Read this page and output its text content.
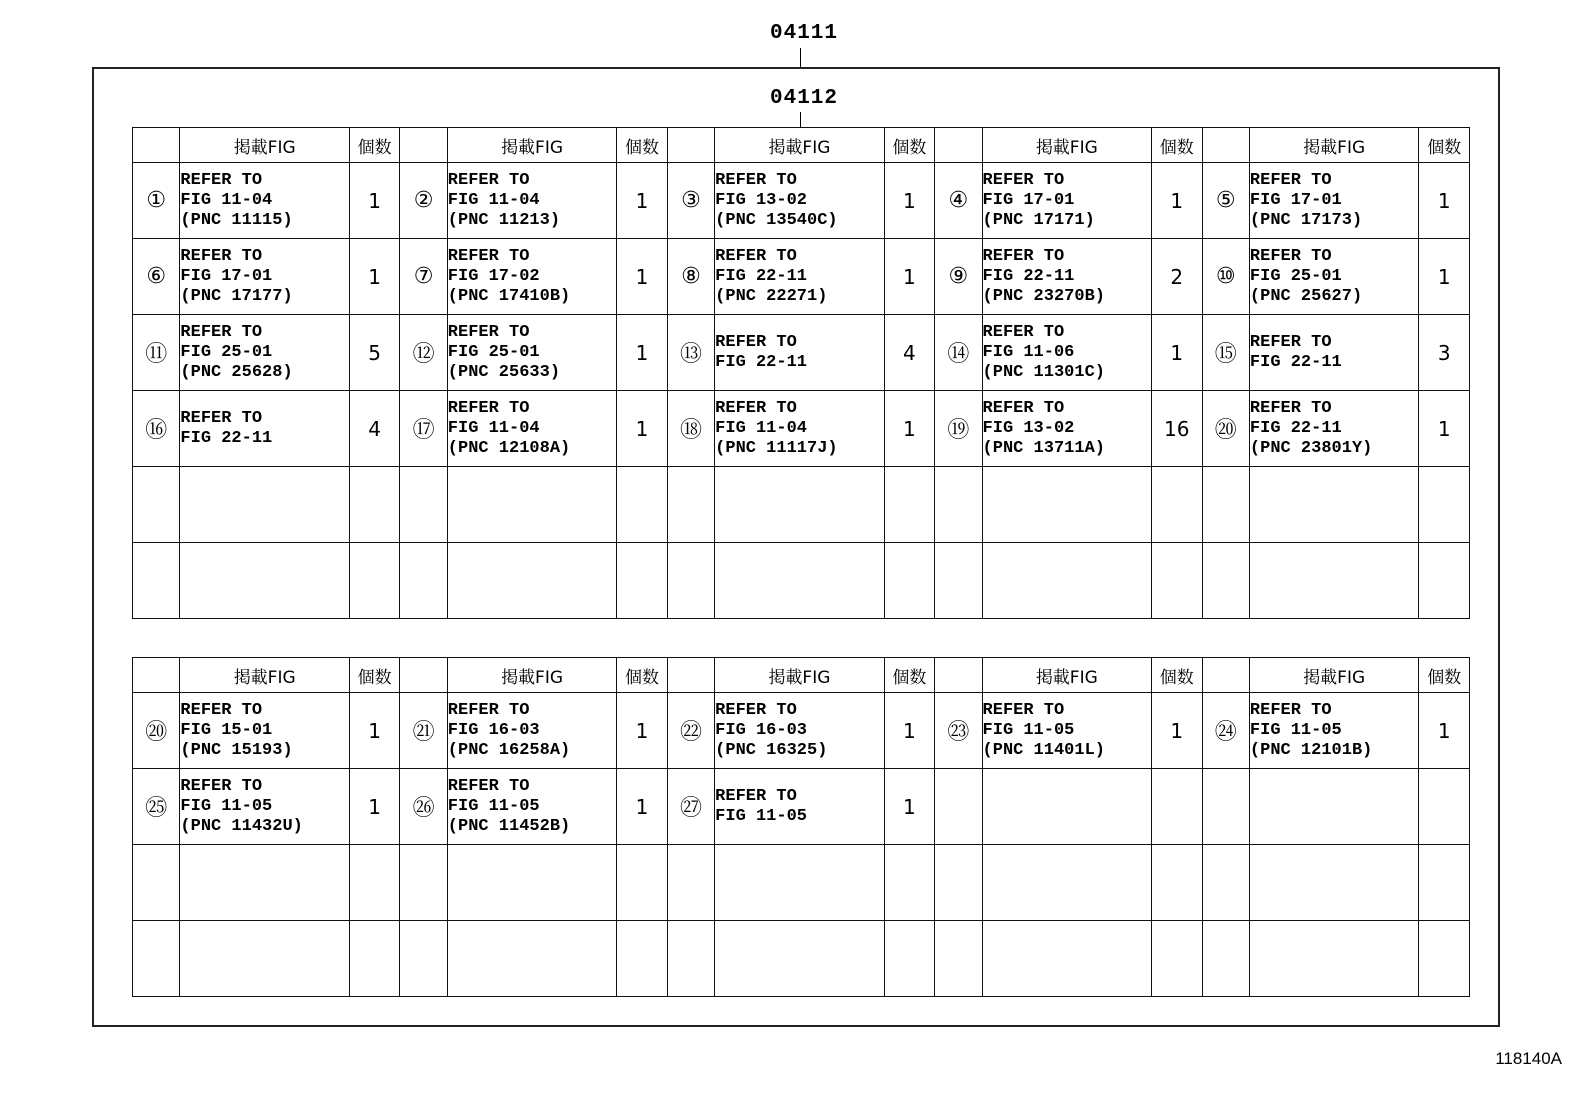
04111
04112
	掲載FIG	個数		掲載FIG	個数		掲載FIG	個数		掲載FIG	個数		掲載FIG	個数
①	REFER TO
FIG 11-04
(PNC 11115)	1	②	REFER TO
FIG 11-04
(PNC 11213)	1	③	REFER TO
FIG 13-02
(PNC 13540C)	1	④	REFER TO
FIG 17-01
(PNC 17171)	1	⑤	REFER TO
FIG 17-01
(PNC 17173)	1
⑥	REFER TO
FIG 17-01
(PNC 17177)	1	⑦	REFER TO
FIG 17-02
(PNC 17410B)	1	⑧	REFER TO
FIG 22-11
(PNC 22271)	1	⑨	REFER TO
FIG 22-11
(PNC 23270B)	2	⑩	REFER TO
FIG 25-01
(PNC 25627)	1
⑪	REFER TO
FIG 25-01
(PNC 25628)	5	⑫	REFER TO
FIG 25-01
(PNC 25633)	1	⑬	REFER TO
FIG 22-11	4	⑭	REFER TO
FIG 11-06
(PNC 11301C)	1	⑮	REFER TO
FIG 22-11	3
⑯	REFER TO
FIG 22-11	4	⑰	REFER TO
FIG 11-04
(PNC 12108A)	1	⑱	REFER TO
FIG 11-04
(PNC 11117J)	1	⑲	REFER TO
FIG 13-02
(PNC 13711A)	16	⑳	REFER TO
FIG 22-11
(PNC 23801Y)	1

	掲載FIG	個数		掲載FIG	個数		掲載FIG	個数		掲載FIG	個数		掲載FIG	個数
⑳	REFER TO
FIG 15-01
(PNC 15193)	1	㉑	REFER TO
FIG 16-03
(PNC 16258A)	1	㉒	REFER TO
FIG 16-03
(PNC 16325)	1	㉓	REFER TO
FIG 11-05
(PNC 11401L)	1	㉔	REFER TO
FIG 11-05
(PNC 12101B)	1
㉕	REFER TO
FIG 11-05
(PNC 11432U)	1	㉖	REFER TO
FIG 11-05
(PNC 11452B)	1	㉗	REFER TO
FIG 11-05	1						

118140A
